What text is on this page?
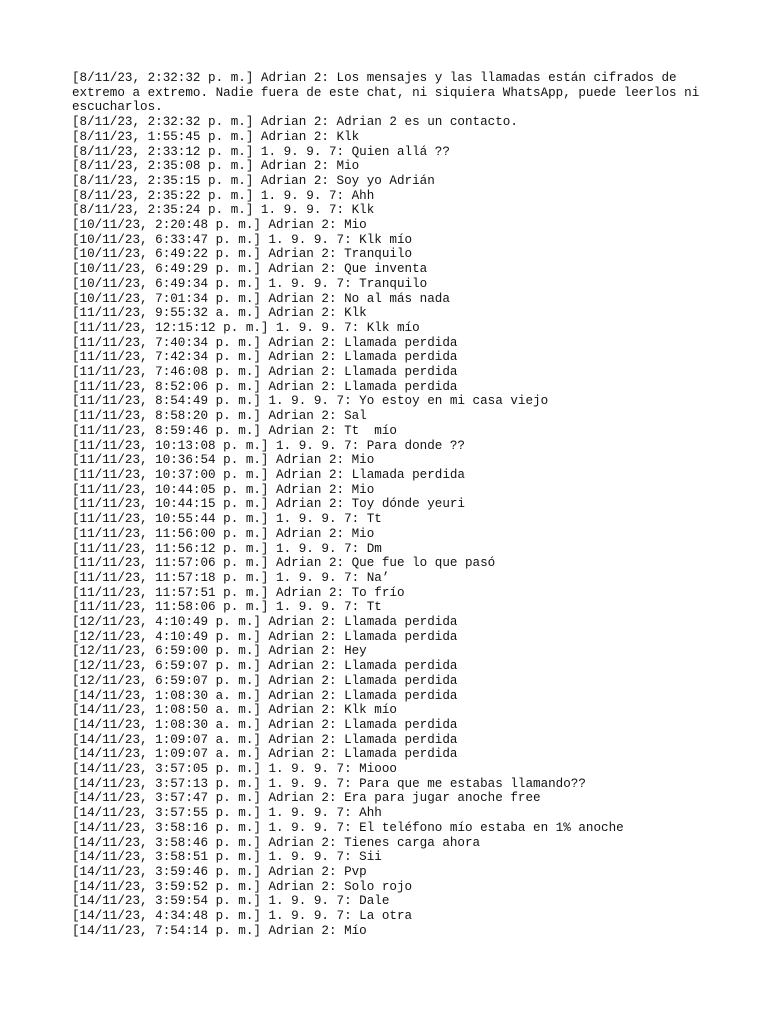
[8/11/23, 2:32:32 p. m.] Adrian 2: Los mensajes y las llamadas están cifrados de extremo a extremo. Nadie fuera de este chat, ni siquiera WhatsApp, puede leerlos ni escucharlos.
[8/11/23, 2:32:32 p. m.] Adrian 2: Adrian 2 es un contacto.
[8/11/23, 1:55:45 p. m.] Adrian 2: Klk
[8/11/23, 2:33:12 p. m.] 1. 9. 9. 7: Quien allá ??
[8/11/23, 2:35:08 p. m.] Adrian 2: Mio
[8/11/23, 2:35:15 p. m.] Adrian 2: Soy yo Adrián
[8/11/23, 2:35:22 p. m.] 1. 9. 9. 7: Ahh
[8/11/23, 2:35:24 p. m.] 1. 9. 9. 7: Klk
[10/11/23, 2:20:48 p. m.] Adrian 2: Mio
[10/11/23, 6:33:47 p. m.] 1. 9. 9. 7: Klk mío
[10/11/23, 6:49:22 p. m.] Adrian 2: Tranquilo
[10/11/23, 6:49:29 p. m.] Adrian 2: Que inventa
[10/11/23, 6:49:34 p. m.] 1. 9. 9. 7: Tranquilo
[10/11/23, 7:01:34 p. m.] Adrian 2: No al más nada
[11/11/23, 9:55:32 a. m.] Adrian 2: Klk
[11/11/23, 12:15:12 p. m.] 1. 9. 9. 7: Klk mío
[11/11/23, 7:40:34 p. m.] Adrian 2: Llamada perdida
[11/11/23, 7:42:34 p. m.] Adrian 2: Llamada perdida
[11/11/23, 7:46:08 p. m.] Adrian 2: Llamada perdida
[11/11/23, 8:52:06 p. m.] Adrian 2: Llamada perdida
[11/11/23, 8:54:49 p. m.] 1. 9. 9. 7: Yo estoy en mi casa viejo
[11/11/23, 8:58:20 p. m.] Adrian 2: Sal
[11/11/23, 8:59:46 p. m.] Adrian 2: Tt  mío
[11/11/23, 10:13:08 p. m.] 1. 9. 9. 7: Para donde ??
[11/11/23, 10:36:54 p. m.] Adrian 2: Mio
[11/11/23, 10:37:00 p. m.] Adrian 2: Llamada perdida
[11/11/23, 10:44:05 p. m.] Adrian 2: Mio
[11/11/23, 10:44:15 p. m.] Adrian 2: Toy dónde yeuri
[11/11/23, 10:55:44 p. m.] 1. 9. 9. 7: Tt
[11/11/23, 11:56:00 p. m.] Adrian 2: Mio
[11/11/23, 11:56:12 p. m.] 1. 9. 9. 7: Dm
[11/11/23, 11:57:06 p. m.] Adrian 2: Que fue lo que pasó
[11/11/23, 11:57:18 p. m.] 1. 9. 9. 7: Na’
[11/11/23, 11:57:51 p. m.] Adrian 2: To frío
[11/11/23, 11:58:06 p. m.] 1. 9. 9. 7: Tt
[12/11/23, 4:10:49 p. m.] Adrian 2: Llamada perdida
[12/11/23, 4:10:49 p. m.] Adrian 2: Llamada perdida
[12/11/23, 6:59:00 p. m.] Adrian 2: Hey
[12/11/23, 6:59:07 p. m.] Adrian 2: Llamada perdida
[12/11/23, 6:59:07 p. m.] Adrian 2: Llamada perdida
[14/11/23, 1:08:30 a. m.] Adrian 2: Llamada perdida
[14/11/23, 1:08:50 a. m.] Adrian 2: Klk mío
[14/11/23, 1:08:30 a. m.] Adrian 2: Llamada perdida
[14/11/23, 1:09:07 a. m.] Adrian 2: Llamada perdida
[14/11/23, 1:09:07 a. m.] Adrian 2: Llamada perdida
[14/11/23, 3:57:05 p. m.] 1. 9. 9. 7: Miooo
[14/11/23, 3:57:13 p. m.] 1. 9. 9. 7: Para que me estabas llamando??
[14/11/23, 3:57:47 p. m.] Adrian 2: Era para jugar anoche free
[14/11/23, 3:57:55 p. m.] 1. 9. 9. 7: Ahh
[14/11/23, 3:58:16 p. m.] 1. 9. 9. 7: El teléfono mío estaba en 1% anoche
[14/11/23, 3:58:46 p. m.] Adrian 2: Tienes carga ahora
[14/11/23, 3:58:51 p. m.] 1. 9. 9. 7: Sii
[14/11/23, 3:59:46 p. m.] Adrian 2: Pvp
[14/11/23, 3:59:52 p. m.] Adrian 2: Solo rojo
[14/11/23, 3:59:54 p. m.] 1. 9. 9. 7: Dale
[14/11/23, 4:34:48 p. m.] 1. 9. 9. 7: La otra
[14/11/23, 7:54:14 p. m.] Adrian 2: Mío
